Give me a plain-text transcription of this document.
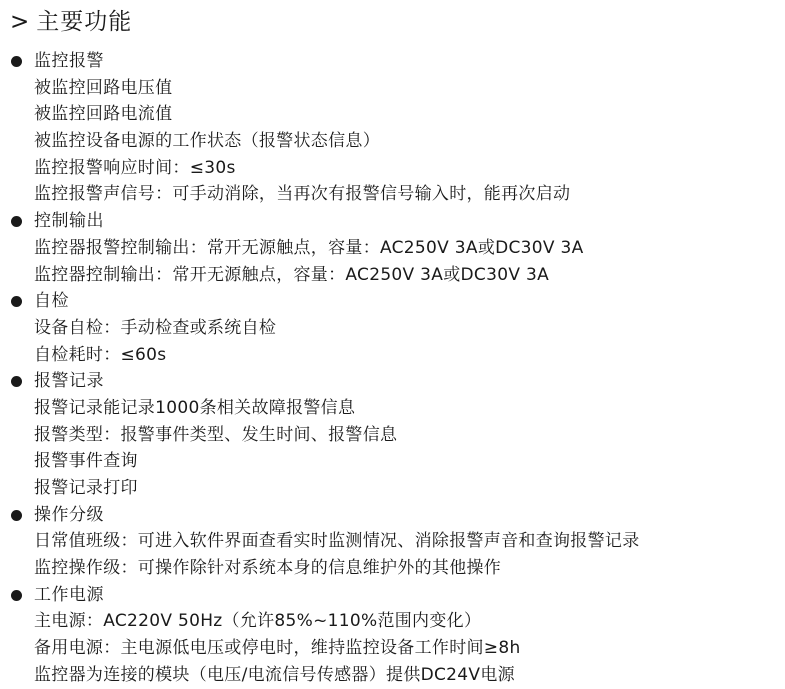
> 主要功能
监控报警
被监控回路电压值
被监控回路电流值
被监控设备电源的工作状态（报警状态信息）
监控报警响应时间：≤30s
监控报警声信号：可手动消除，当再次有报警信号输入时，能再次启动
控制输出
监控器报警控制输出：常开无源触点，容量：AC250V 3A或DC30V 3A
监控器控制输出：常开无源触点，容量：AC250V 3A或DC30V 3A
自检
设备自检：手动检查或系统自检
自检耗时：≤60s
报警记录
报警记录能记录1000条相关故障报警信息
报警类型：报警事件类型、发生时间、报警信息
报警事件查询
报警记录打印
操作分级
日常值班级：可进入软件界面查看实时监测情况、消除报警声音和查询报警记录
监控操作级：可操作除针对系统本身的信息维护外的其他操作
工作电源
主电源：AC220V 50Hz（允许85%~110%范围内变化）
备用电源：主电源低电压或停电时，维持监控设备工作时间≥8h
监控器为连接的模块（电压/电流信号传感器）提供DC24V电源
